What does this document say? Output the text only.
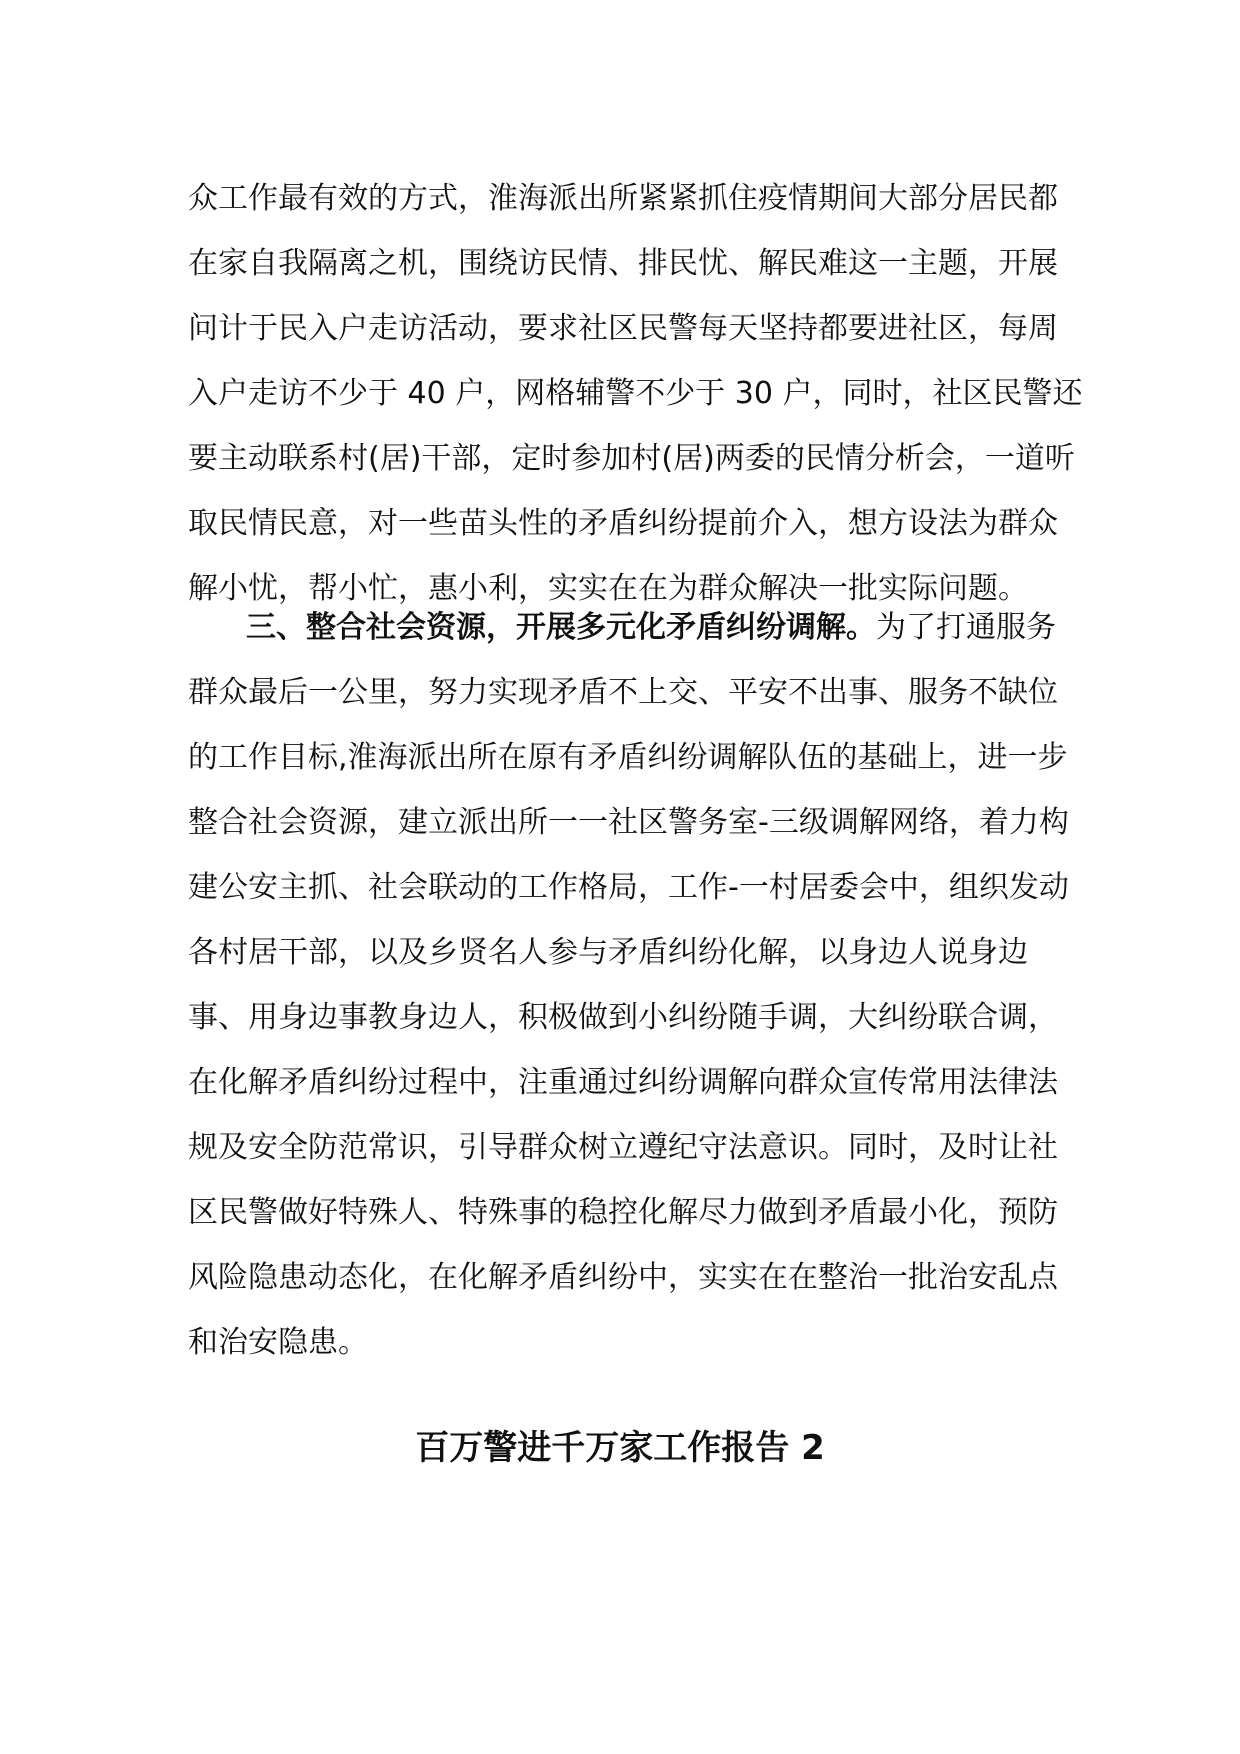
众工作最有效的方式，淮海派出所紧紧抓住疫情期间大部分居民都
在家自我隔离之机，围绕访民情、排民忧、解民难这一主题，开展
问计于民入户走访活动，要求社区民警每天坚持都要进社区，每周
入户走访不少于 40 户，网格辅警不少于 30 户，同时，社区民警还
要主动联系村(居)干部，定时参加村(居)两委的民情分析会，一道听
取民情民意，对一些苗头性的矛盾纠纷提前介入，想方设法为群众
解小忧，帮小忙，惠小利，实实在在为群众解决一批实际问题。
三、整合社会资源，开展多元化矛盾纠纷调解。为了打通服务
群众最后一公里，努力实现矛盾不上交、平安不出事、服务不缺位
的工作目标,淮海派出所在原有矛盾纠纷调解队伍的基础上，进一步
整合社会资源，建立派出所一一社区警务室-三级调解网络，着力构
建公安主抓、社会联动的工作格局，工作-一村居委会中，组织发动
各村居干部，以及乡贤名人参与矛盾纠纷化解，以身边人说身边
事、用身边事教身边人，积极做到小纠纷随手调，大纠纷联合调，
在化解矛盾纠纷过程中，注重通过纠纷调解向群众宣传常用法律法
规及安全防范常识，引导群众树立遵纪守法意识。同时，及时让社
区民警做好特殊人、特殊事的稳控化解尽力做到矛盾最小化，预防
风险隐患动态化，在化解矛盾纠纷中，实实在在整治一批治安乱点
和治安隐患。
百万警进千万家工作报告 2
